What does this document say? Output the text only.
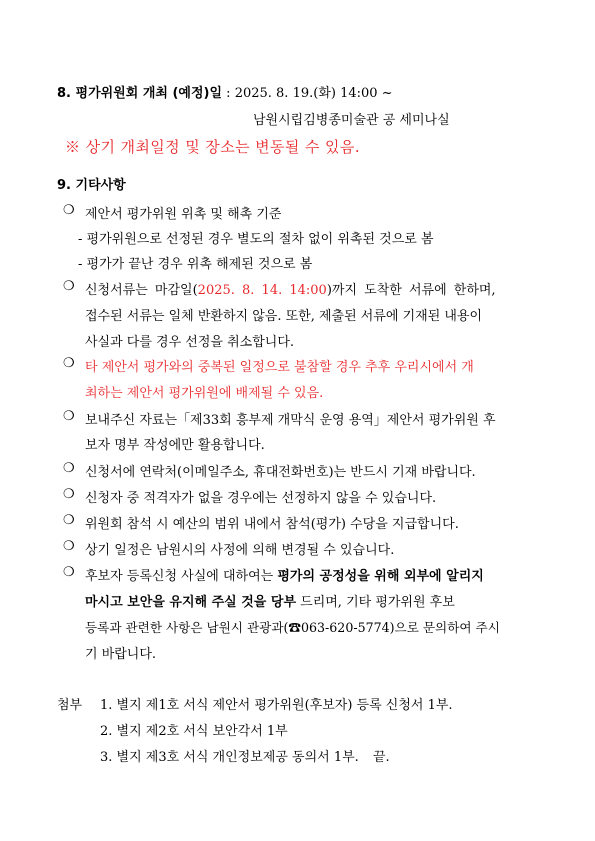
8. 평가위원회 개최 (예정)일 : 2025. 8. 19.(화) 14:00 ~
남원시립김병종미술관 공 세미나실
※ 상기 개최일정 및 장소는 변동될 수 있음.
9. 기타사항
❍ 제안서 평가위원 위촉 및 해촉 기준
- 평가위원으로 선정된 경우 별도의 절차 없이 위촉된 것으로 봄
- 평가가 끝난 경우 위촉 해제된 것으로 봄
❍ 신청서류는 마감일(2025. 8. 14. 14:00)까지 도착한 서류에 한하며,
접수된 서류는 일체 반환하지 않음. 또한, 제출된 서류에 기재된 내용이
사실과 다를 경우 선정을 취소합니다.
❍ 타 제안서 평가와의 중복된 일정으로 불참할 경우 추후 우리시에서 개
최하는 제안서 평가위원에 배제될 수 있음.
❍ 보내주신 자료는「제33회 흥부제 개막식 운영 용역」제안서 평가위원 후
보자 명부 작성에만 활용합니다.
❍ 신청서에 연락처(이메일주소, 휴대전화번호)는 반드시 기재 바랍니다.
❍ 신청자 중 적격자가 없을 경우에는 선정하지 않을 수 있습니다.
❍ 위원회 참석 시 예산의 범위 내에서 참석(평가) 수당을 지급합니다.
❍ 상기 일정은 남원시의 사정에 의해 변경될 수 있습니다.
❍ 후보자 등록신청 사실에 대하여는 평가의 공정성을 위해 외부에 알리지
마시고 보안을 유지해 주실 것을 당부 드리며, 기타 평가위원 후보
등록과 관련한 사항은 남원시 관광과(☎063-620-5774)으로 문의하여 주시
기 바랍니다.
첨부 1. 별지 제1호 서식 제안서 평가위원(후보자) 등록 신청서 1부.
2. 별지 제2호 서식 보안각서 1부
3. 별지 제3호 서식 개인정보제공 동의서 1부. 끝.
